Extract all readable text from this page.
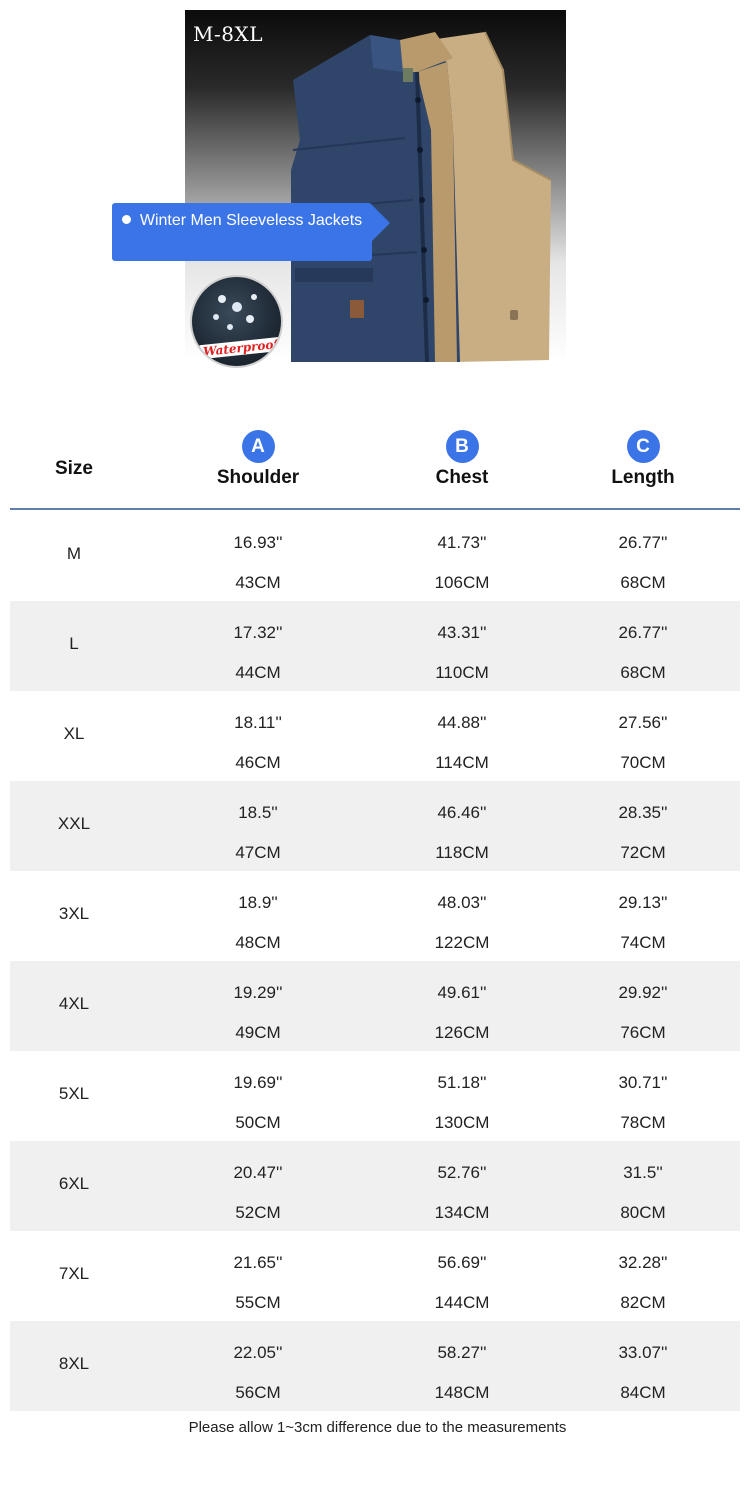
M-8XL
Winter Men Sleeveless Jackets
Waterproof
Size
A
Shoulder
B
Chest
C
Length
M
16.93''
43CM
41.73''
106CM
26.77''
68CM
L
17.32''
44CM
43.31''
110CM
26.77''
68CM
XL
18.11''
46CM
44.88''
114CM
27.56''
70CM
XXL
18.5''
47CM
46.46''
118CM
28.35''
72CM
3XL
18.9''
48CM
48.03''
122CM
29.13''
74CM
4XL
19.29''
49CM
49.61''
126CM
29.92''
76CM
5XL
19.69''
50CM
51.18''
130CM
30.71''
78CM
6XL
20.47''
52CM
52.76''
134CM
31.5''
80CM
7XL
21.65''
55CM
56.69''
144CM
32.28''
82CM
8XL
22.05''
56CM
58.27''
148CM
33.07''
84CM
Please allow 1~3cm difference due to the measurements
